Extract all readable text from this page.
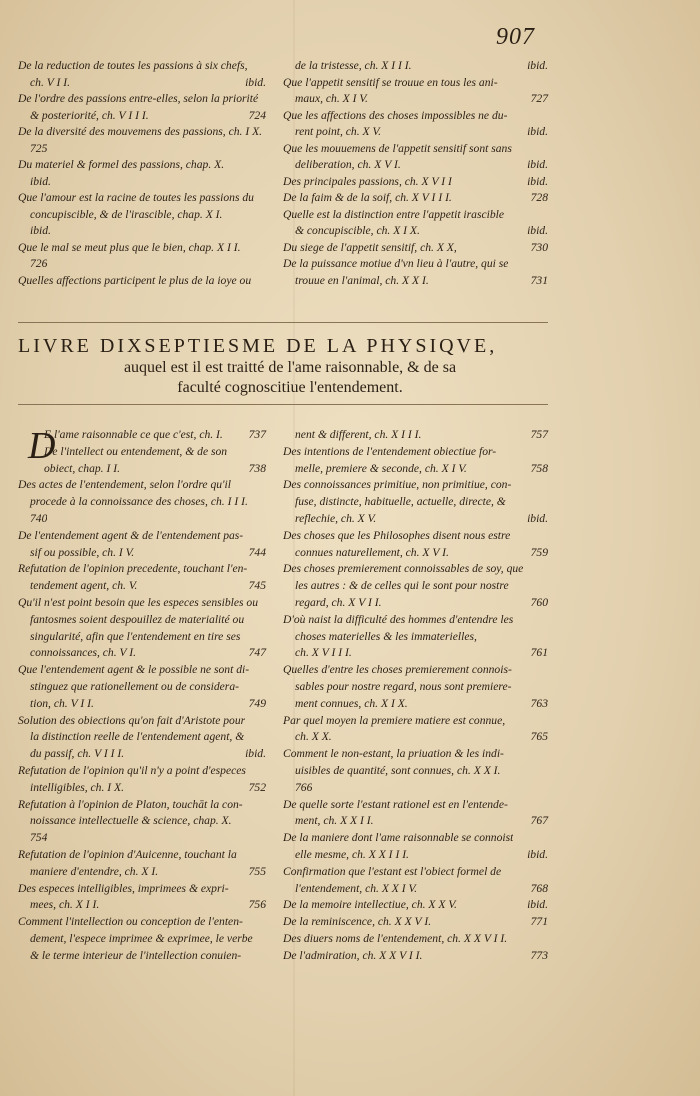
907
De la reduction de toutes les passions à six chefs,
ch. V I I.	ibid.
De l'ordre des passions entre-elles, selon la priorité
& posteriorité, ch. V I I I.	724
De la diversité des mouvemens des passions, ch. I X.
725
Du materiel & formel des passions, chap. X.
ibid.
Que l'amour est la racine de toutes les passions du
concupiscible, & de l'irascible, chap. X I.
ibid.
Que le mal se meut plus que le bien, chap. X I I.
726
Quelles affections participent le plus de la ioye ou
de la tristesse, ch. X I I I.	ibid.
Que l'appetit sensitif se trouue en tous les ani-
maux, ch. X I V.	727
Que les affections des choses impossibles ne du-
rent point, ch. X V.	ibid.
Que les mouuemens de l'appetit sensitif sont sans
deliberation, ch. X V I.	ibid.
Des principales passions, ch. X V I I	ibid.
De la faim & de la soif, ch. X V I I I.	728
Quelle est la distinction entre l'appetit irascible
& concupiscible, ch. X I X.	ibid.
Du siege de l'appetit sensitif, ch. X X,	730
De la puissance motiue d'vn lieu à l'autre, qui se
trouue en l'animal, ch. X X I.	731
LIVRE DIXSEPTIESME DE LA PHYSIQVE,
auquel est il est traitté de l'ame raisonnable, & de sa
faculté cognoscitiue l'entendement.
D
E l'ame raisonnable ce que c'est, ch. I.	737
De l'intellect ou entendement, & de son
obiect, chap. I I.	738
Des actes de l'entendement, selon l'ordre qu'il
procede à la connoissance des choses, ch. I I I.
740
De l'entendement agent & de l'entendement pas-
sif ou possible, ch. I V.	744
Refutation de l'opinion precedente, touchant l'en-
tendement agent, ch. V.	745
Qu'il n'est point besoin que les especes sensibles ou
fantosmes soient despouillez de materialité ou
singularité, afin que l'entendement en tire ses
connoissances, ch. V I.	747
Que l'entendement agent & le possible ne sont di-
stinguez que rationellement ou de considera-
tion, ch. V I I.	749
Solution des obiections qu'on fait d'Aristote pour
la distinction reelle de l'entendement agent, &
du passif, ch. V I I I.	ibid.
Refutation de l'opinion qu'il n'y a point d'especes
intelligibles, ch. I X.	752
Refutation à l'opinion de Platon, touchāt la con-
noissance intellectuelle & science, chap. X.
754
Refutation de l'opinion d'Auicenne, touchant la
maniere d'entendre, ch. X I.	755
Des especes intelligibles, imprimees & expri-
mees, ch. X I I.	756
Comment l'intellection ou conception de l'enten-
dement, l'espece imprimee & exprimee, le verbe
& le terme interieur de l'intellection conuien-
nent & different, ch. X I I I.	757
Des intentions de l'entendement obiectiue for-
melle, premiere & seconde, ch. X I V.	758
Des connoissances primitiue, non primitiue, con-
fuse, distincte, habituelle, actuelle, directe, &
reflechie, ch. X V.	ibid.
Des choses que les Philosophes disent nous estre
connues naturellement, ch. X V I.	759
Des choses premierement connoissables de soy, que
les autres : & de celles qui le sont pour nostre
regard, ch. X V I I.	760
D'où naist la difficulté des hommes d'entendre les
choses materielles & les immaterielles,
ch. X V I I I.	761
Quelles d'entre les choses premierement connois-
sables pour nostre regard, nous sont premiere-
ment connues, ch. X I X.	763
Par quel moyen la premiere matiere est connue,
ch. X X.	765
Comment le non-estant, la priuation & les indi-
uisibles de quantité, sont connues, ch. X X I.
766
De quelle sorte l'estant rationel est en l'entende-
ment, ch. X X I I.	767
De la maniere dont l'ame raisonnable se connoist
elle mesme, ch. X X I I I.	ibid.
Confirmation que l'estant est l'obiect formel de
l'entendement, ch. X X I V.	768
De la memoire intellectiue, ch. X X V.	ibid.
De la reminiscence, ch. X X V I.	771
Des diuers noms de l'entendement, ch. X X V I I.
De l'admiration, ch. X X V I I.	773
